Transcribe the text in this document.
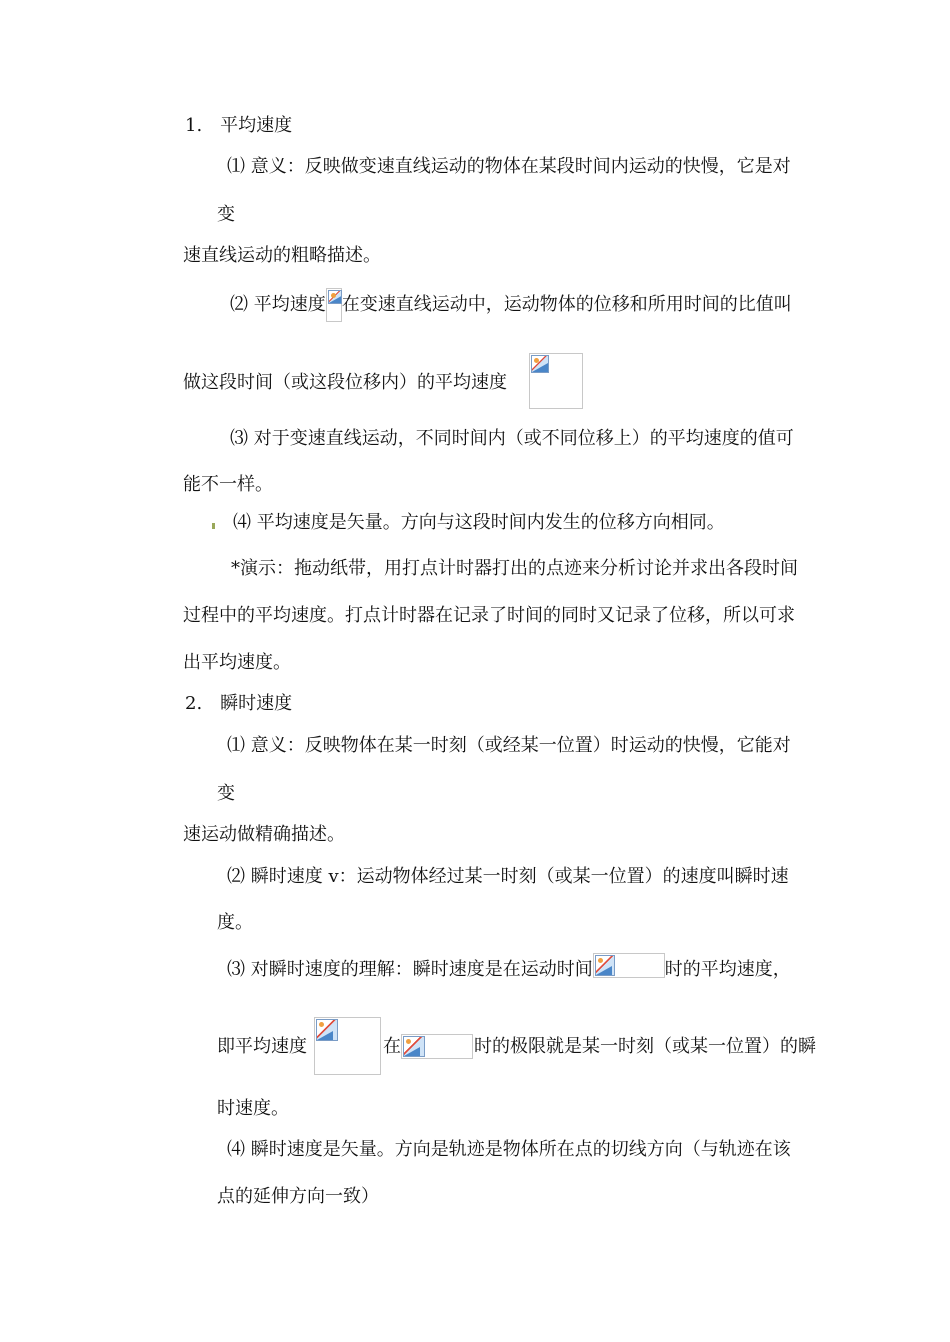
1.　平均速度
⑴ 意义：反映做变速直线运动的物体在某段时间内运动的快慢，它是对
变
速直线运动的粗略描述。
⑵ 平均速度 在变速直线运动中，运动物体的位移和所用时间的比值叫
做这段时间（或这段位移内）的平均速度
⑶ 对于变速直线运动，不同时间内（或不同位移上）的平均速度的值可
能不一样。
⑷ 平均速度是矢量。方向与这段时间内发生的位移方向相同。
*演示：拖动纸带，用打点计时器打出的点迹来分析讨论并求出各段时间
过程中的平均速度。打点计时器在记录了时间的同时又记录了位移，所以可求
出平均速度。
2.　瞬时速度
⑴ 意义：反映物体在某一时刻（或经某一位置）时运动的快慢，它能对
变
速运动做精确描述。
⑵ 瞬时速度 v：运动物体经过某一时刻（或某一位置）的速度叫瞬时速
度。
⑶ 对瞬时速度的理解：瞬时速度是在运动时间	时的平均速度，
即平均速度	在	时的极限就是某一时刻（或某一位置）的瞬
时速度。
⑷ 瞬时速度是矢量。方向是轨迹是物体所在点的切线方向（与轨迹在该
点的延伸方向一致）
